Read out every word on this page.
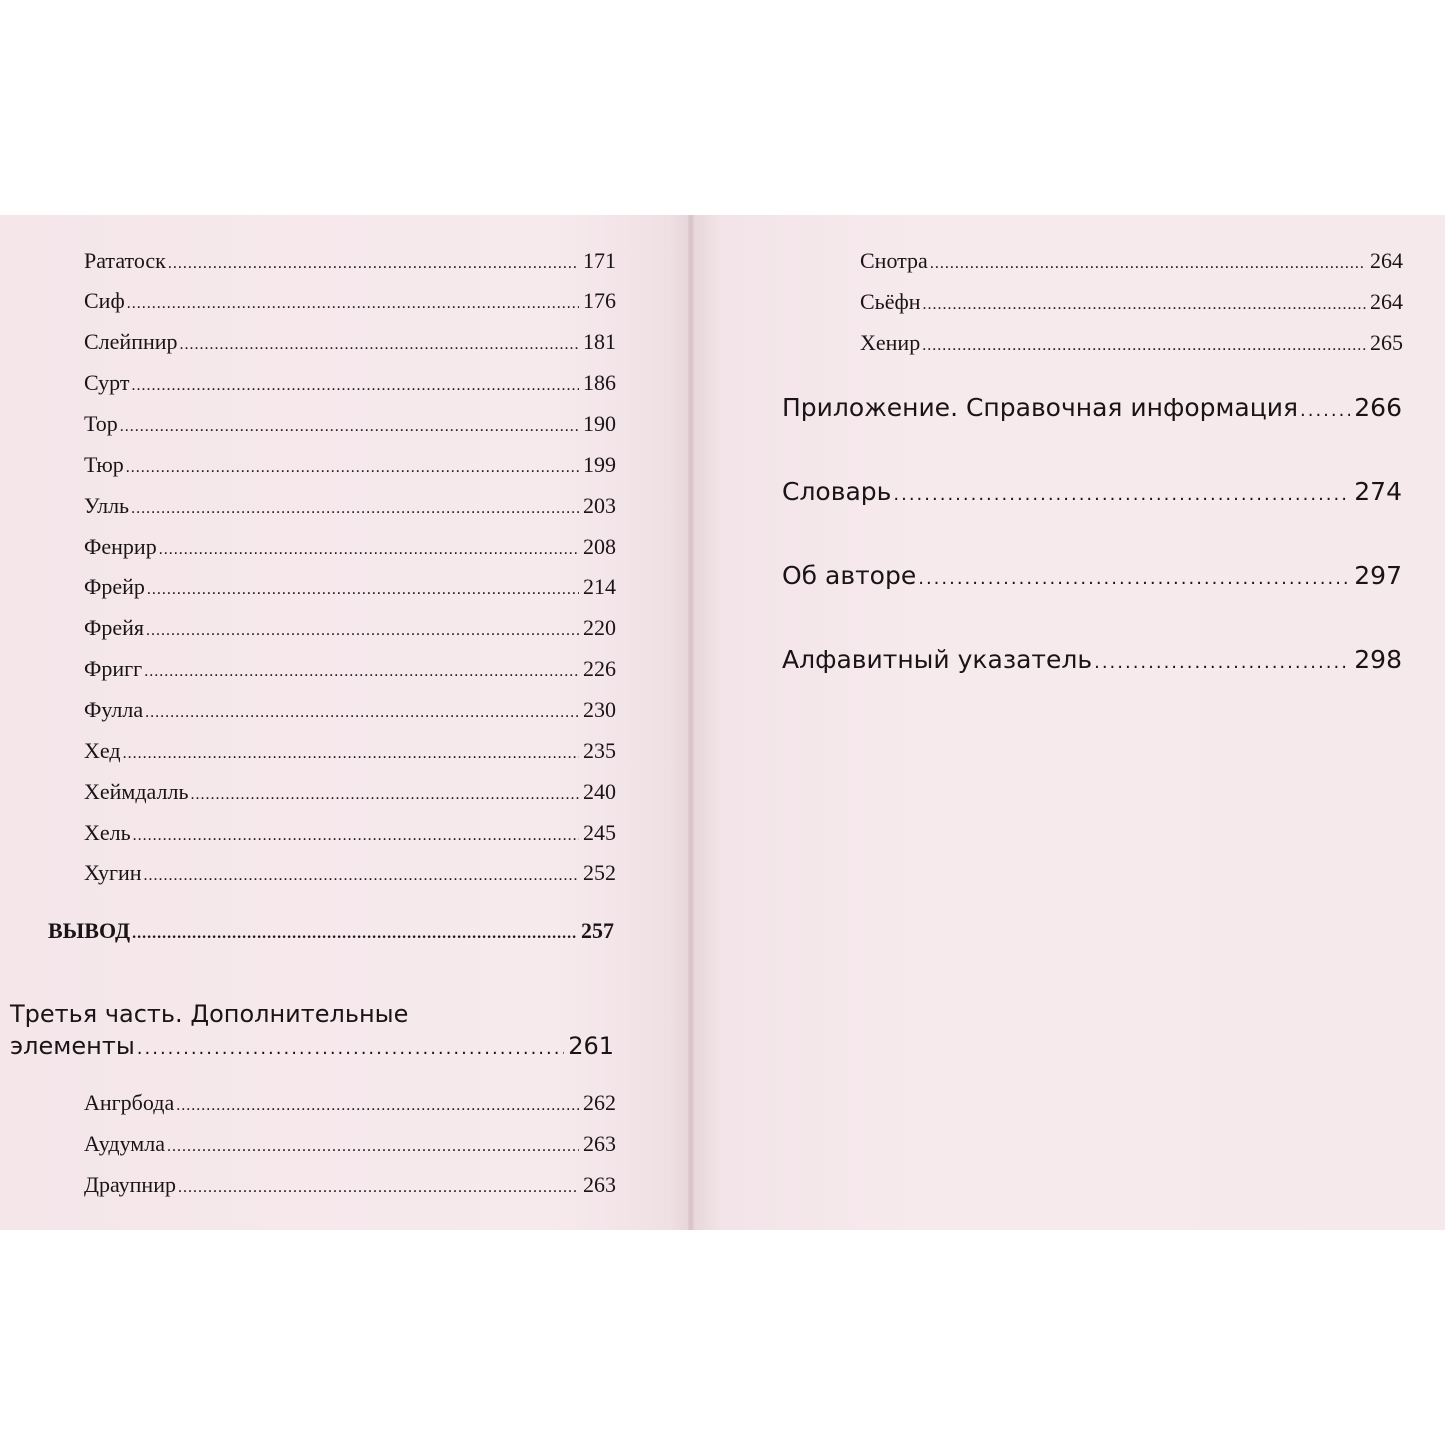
Рататоск .....	171
Сиф .....	176
Слейпнир .....	181
Сурт .....	186
Тор .....	190
Тюр .....	199
Улль .....	203
Фенрир .....	208
Фрейр .....	214
Фрейя .....	220
Фригг .....	226
Фулла .....	230
Хед .....	235
Хеймдалль .....	240
Хель .....	245
Хугин .....	252
ВЫВОД .....	257
Третья часть. Дополнительные
элементы .....	261
Ангрбода .....	262
Аудумла .....	263
Драупнир .....	263
Снотра .....	264
Сьёфн .....	264
Хенир .....	265
Приложение. Справочная информация ..... 266
Словарь .....	274
Об авторе .....	297
Алфавитный указатель .....	298
